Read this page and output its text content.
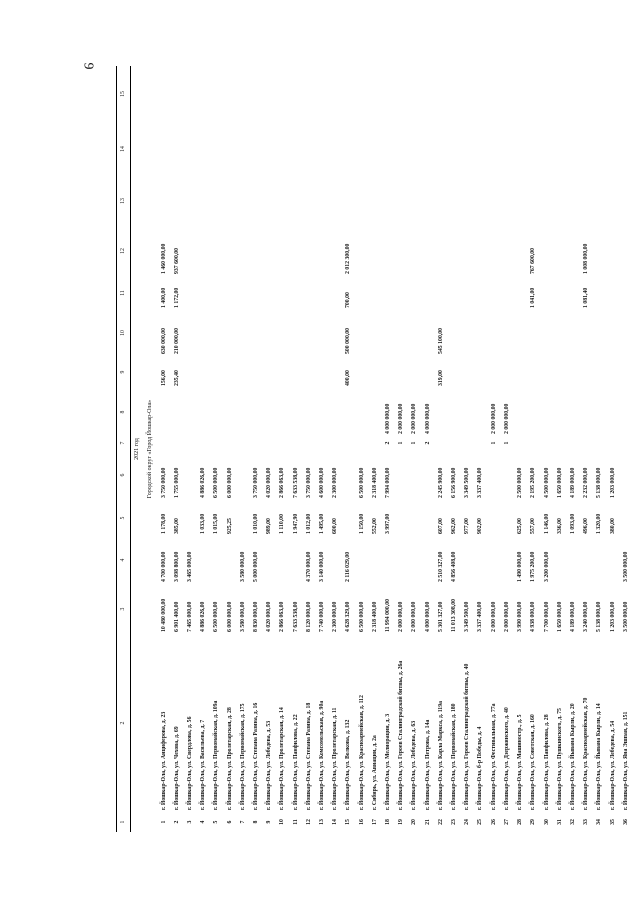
9
1	2	3	4	5	6	7	8	9	10	11	12	13	14	15
2021 год														
Городской округ «Город Йошкар-Ола»														
1	г. Йошкар-Ола, ул. Анциферова, д. 23	10 480 000,00	4 700 000,00	1 178,00	3 750 000,00			156,00	630 000,00	1 400,00	1 460 000,00			
2	г. Йошкар-Ола, ул. Чехова, д. 69	6 901 400,00	3 098 800,00	385,00	1 755 000,00			235,40	210 000,00	1 172,00	937 600,00			
3	г. Йошкар-Ола, ул. Свердлова, д. 56	7 465 000,00	3 465 000,00											
4	г. Йошкар-Ола, ул. Васильева, д. 7	4 886 026,00		1 033,00	4 886 026,00									
5	г. Йошкар-Ола, ул. Первомайская, д. 109а	6 500 000,00		1 015,00	6 500 000,00									
6	г. Йошкар-Ола, ул. Пролетарская, д. 28	6 000 000,00		925,25	6 000 000,00									
7	г. Йошкар-Ола, ул. Первомайская, д. 175	3 580 000,00	3 580 000,00											
8	г. Йошкар-Ола, ул. Степана Разина, д. 16	8 830 000,00	5 000 000,00	1 010,00	3 750 000,00									
9	г. Йошкар-Ола, ул. Лебедева, д. 53	4 020 000,00		989,00	4 020 000,00									
10	г. Йошкар-Ола, ул. Пролетарская, д. 14	2 866 063,00		1 110,00	2 866 063,00									
11	г. Йошкар-Ола, ул. Панфилова, д. 22	7 633 538,00		1 947,90	7 633 538,00									
12	г. Йошкар-Ола, ул. Степана Разина, д. 18	8 120 000,00	4 370 000,00	1 012,00	3 750 000,00									
13	г. Йошкар-Ола, ул. Комсомольская, д. 90а	7 740 000,00	3 140 000,00	1 495,00	4 600 000,00									
14	г. Йошкар-Ола, ул. Пролетарская, д. 11	2 300 000,00		600,00	2 300 000,00									
15	г. Йошкар-Ола, ул. Волкова, д. 132	4 628 329,00	2 116 029,00					400,00	500 000,00	700,00	2 012 300,00			
16	г. Йошкар-Ола, ул. Красноармейская, д. 112	6 500 000,00		1 150,00	6 500 000,00									
17	г. Сибирь, ул. Авиации, д. 2а	2 318 400,00		552,00	2 318 400,00									
18	г. Йошкар-Ола, ул. Мелиорации, д. 3	11 994 000,00		3 997,00	7 994 000,00	2	4 000 000,00							
19	г. Йошкар-Ола, ул. Героев Сталинградской битвы, д. 26а	2 000 000,00				1	2 000 000,00							
20	г. Йошкар-Ола, ул. Лебедева, д. 63	2 000 000,00				1	2 000 000,00							
21	г. Йошкар-Ола, ул. Петрова, д. 14а	4 000 000,00				2	4 000 000,00							
22	г. Йошкар-Ола, ул. Карла Маркса, д. 119а	5 301 327,00	2 510 327,00	607,00	2 245 900,00			319,00	545 100,00					
23	г. Йошкар-Ола, ул. Первомайская, д. 180	11 013 308,00	4 856 408,00	962,00	6 156 900,00									
24	г. Йошкар-Ола, ул. Героев Сталинградской битвы, д. 40	3 349 500,00		977,00	3 349 500,00									
25	г. Йошкар-Ола, б-р Победы, д. 4	3 337 400,00		902,00	3 337 400,00									
26	г. Йошкар-Ола, ул. Фестивальная, д. 77а	2 000 000,00				1	2 000 000,00							
27	г. Йошкар-Ола, ул. Дзержинского, д. 40	2 000 000,00				1	2 000 000,00							
28	г. Йошкар-Ола, ул. Машиностр., д. 5	3 990 000,00	1 490 000,00	625,00	2 500 000,00									
29	г. Йошкар-Ола, ул. Советская, д. 160	4 938 000,00	1 975 200,00	557,00	2 195 200,00					1 041,00	767 600,00			
30	г. Йошкар-Ола, ул. Панфилова, д. 28	7 700 000,00	3 200 000,00	1 146,00	4 500 000,00									
31	г. Йошкар-Ола, ул. Пушкинского, д. 75	1 650 000,00		336,00	1 650 000,00									
32	г. Йошкар-Ола, ул. Йывана Кырли, д. 20	4 189 000,00		1 093,00	4 189 000,00									
33	г. Йошкар-Ола, ул. Красноармейская, д. 70	3 240 000,00		496,00	2 232 000,00					1 081,40	1 008 000,00			
34	г. Йошкар-Ола, ул. Йывана Кырли, д. 14	5 138 000,00		1 320,00	5 138 000,00									
35	г. Йошкар-Ола, ул. Лебедева, д. 54	1 203 000,00		380,00	1 203 000,00									
36	г. Йошкар-Ола, ул. Яна Эшпая, д. 151	3 500 000,00	3 500 000,00											
